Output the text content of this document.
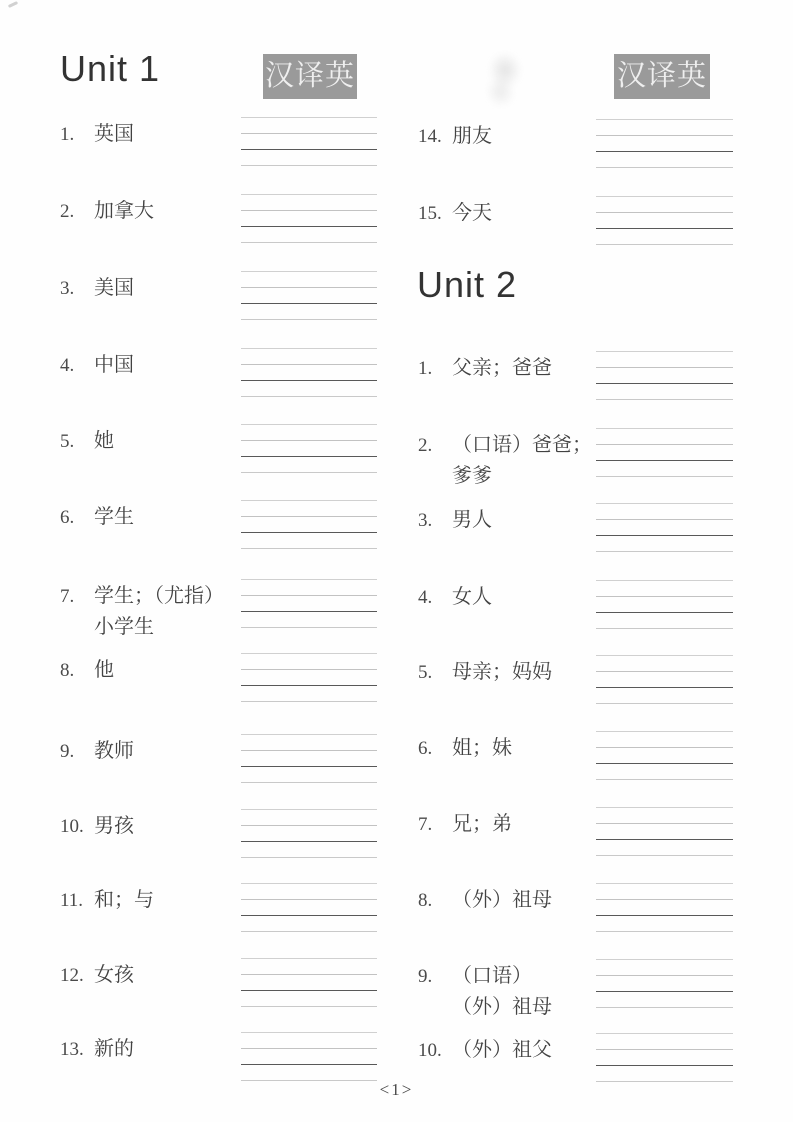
Unit 1	汉译英	汉译英
Unit 2
<1>
1. 英国
2. 加拿大
3. 美国
4. 中国
5. 她
6. 学生
7. 学生；（尤指）
小学生
8. 他
9. 教师
10. 男孩
11. 和；与
12. 女孩
13. 新的
14. 朋友
15. 今天
1. 父亲；爸爸
2. （口语）爸爸；
爹爹
3. 男人
4. 女人
5. 母亲；妈妈
6. 姐；妹
7. 兄；弟
8. （外）祖母
9. （口语）
（外）祖母
10. （外）祖父
